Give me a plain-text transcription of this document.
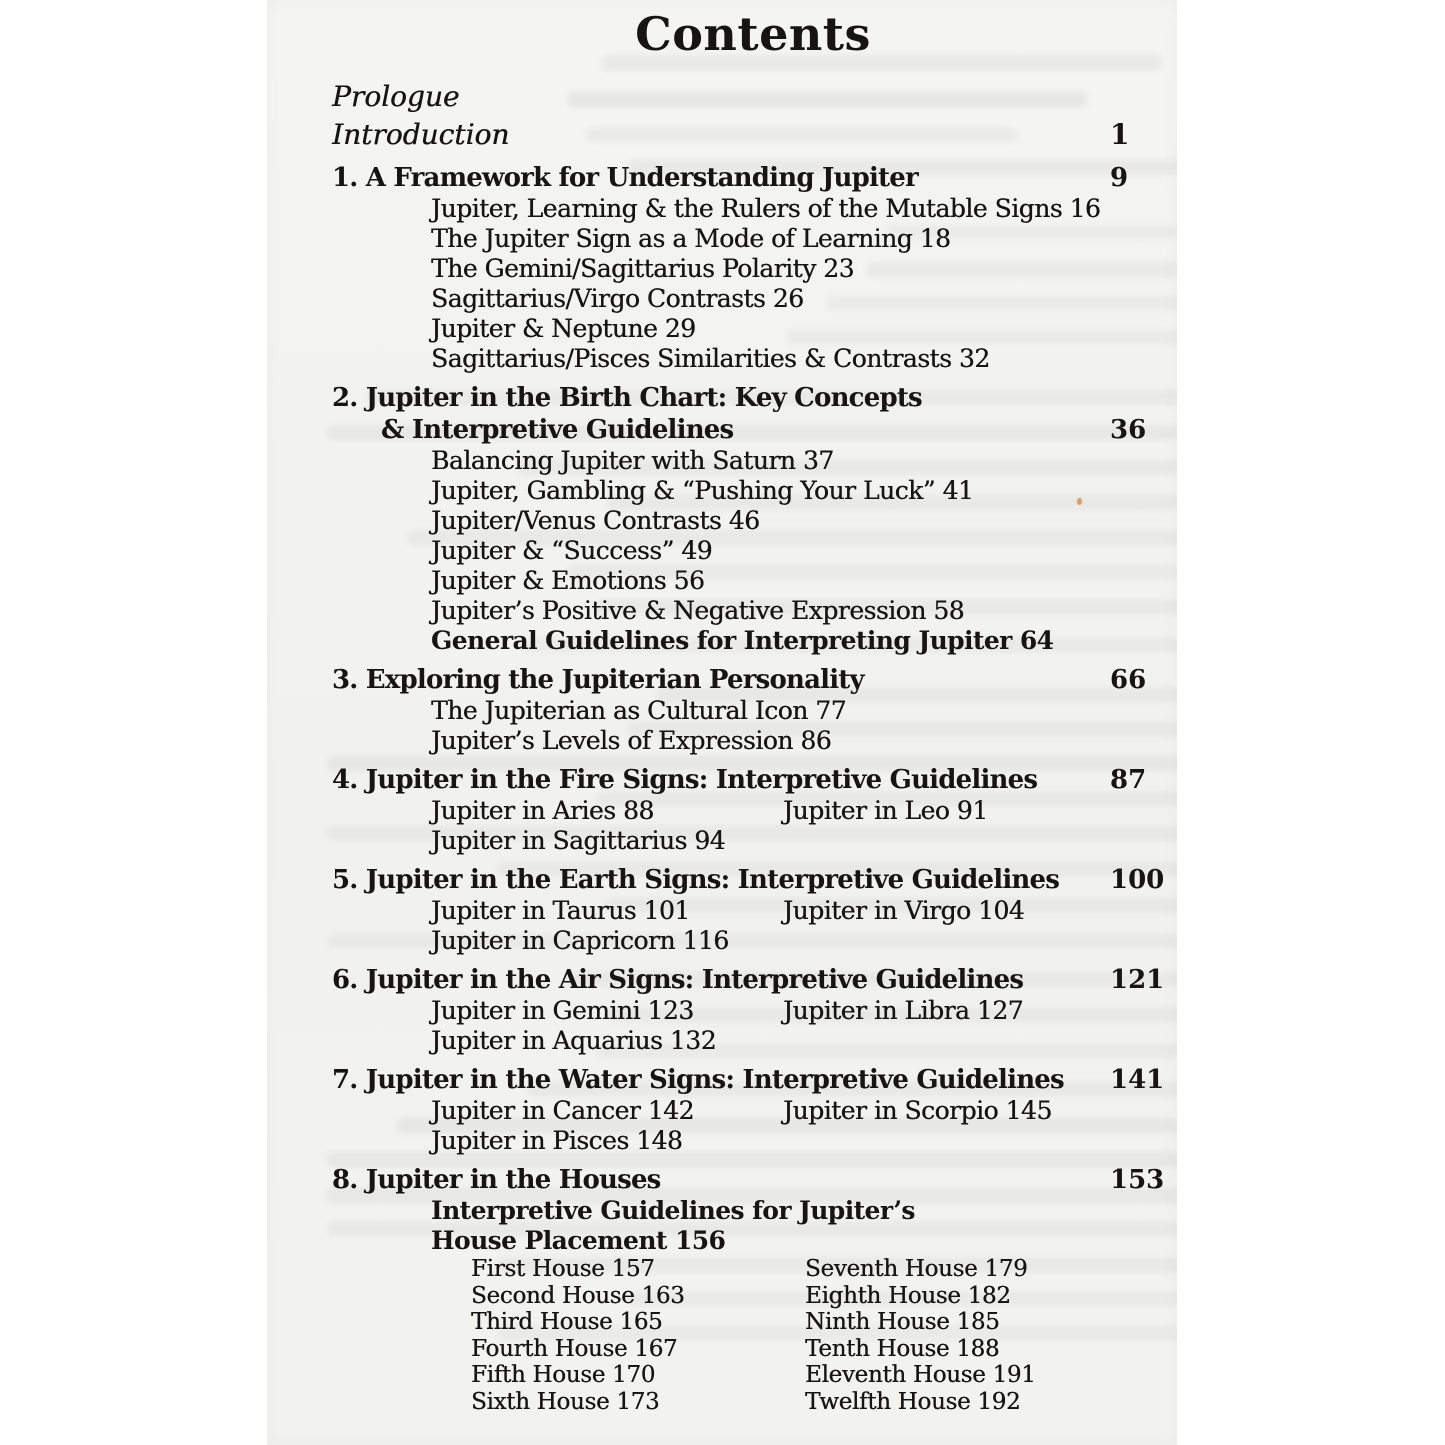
Contents
Prologue
Introduction	1
1. A Framework for Understanding Jupiter	9
Jupiter, Learning & the Rulers of the Mutable Signs 16
The Jupiter Sign as a Mode of Learning 18
The Gemini/Sagittarius Polarity 23
Sagittarius/Virgo Contrasts 26
Jupiter & Neptune 29
Sagittarius/Pisces Similarities & Contrasts 32
2. Jupiter in the Birth Chart: Key Concepts
& Interpretive Guidelines	36
Balancing Jupiter with Saturn 37
Jupiter, Gambling & “Pushing Your Luck” 41
Jupiter/Venus Contrasts 46
Jupiter & “Success” 49
Jupiter & Emotions 56
Jupiter’s Positive & Negative Expression 58
General Guidelines for Interpreting Jupiter 64
3. Exploring the Jupiterian Personality	66
The Jupiterian as Cultural Icon 77
Jupiter’s Levels of Expression 86
4. Jupiter in the Fire Signs: Interpretive Guidelines	87
Jupiter in Aries 88	Jupiter in Leo 91
Jupiter in Sagittarius 94
5. Jupiter in the Earth Signs: Interpretive Guidelines 100
Jupiter in Taurus 101	Jupiter in Virgo 104
Jupiter in Capricorn 116
6. Jupiter in the Air Signs: Interpretive Guidelines	121
Jupiter in Gemini 123	Jupiter in Libra 127
Jupiter in Aquarius 132
7. Jupiter in the Water Signs: Interpretive Guidelines 141
Jupiter in Cancer 142	Jupiter in Scorpio 145
Jupiter in Pisces 148
8. Jupiter in the Houses	153
Interpretive Guidelines for Jupiter’s
House Placement 156
First House 157	Seventh House 179
Second House 163	Eighth House 182
Third House 165	Ninth House 185
Fourth House 167	Tenth House 188
Fifth House 170	Eleventh House 191
Sixth House 173	Twelfth House 192
